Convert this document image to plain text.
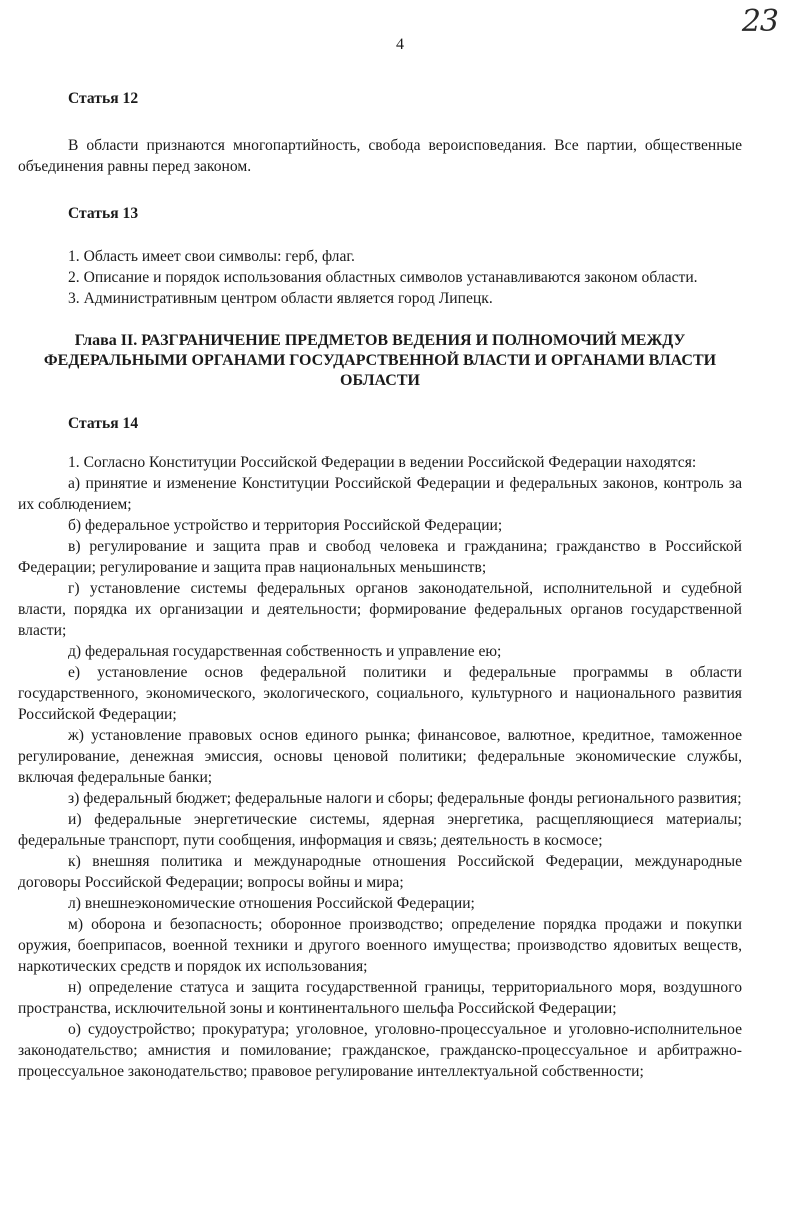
23
4

Статья 12

В области признаются многопартийность, свобода вероисповедания. Все партии, общественные объединения равны перед законом.

Статья 13

1. Область имеет свои символы: герб, флаг.

2. Описание и порядок использования областных символов устанавливаются законом области.

3. Административным центром области является город Липецк.

Глава II. РАЗГРАНИЧЕНИЕ ПРЕДМЕТОВ ВЕДЕНИЯ И ПОЛНОМОЧИЙ МЕЖДУ ФЕДЕРАЛЬНЫМИ ОРГАНАМИ ГОСУДАРСТВЕННОЙ ВЛАСТИ И ОРГАНАМИ ВЛАСТИ ОБЛАСТИ

Статья 14

1. Согласно Конституции Российской Федерации в ведении Российской Федерации находятся:

а) принятие и изменение Конституции Российской Федерации и федеральных законов, контроль за их соблюдением;

б) федеральное устройство и территория Российской Федерации;

в) регулирование и защита прав и свобод человека и гражданина; гражданство в Российской Федерации; регулирование и защита прав национальных меньшинств;

г) установление системы федеральных органов законодательной, исполнительной и судебной власти, порядка их организации и деятельности; формирование федеральных органов государственной власти;

д) федеральная государственная собственность и управление ею;

е) установление основ федеральной политики и федеральные программы в области государственного, экономического, экологического, социального, культурного и национального развития Российской Федерации;

ж) установление правовых основ единого рынка; финансовое, валютное, кредитное, таможенное регулирование, денежная эмиссия, основы ценовой политики; федеральные экономические службы, включая федеральные банки;

з) федеральный бюджет; федеральные налоги и сборы; федеральные фонды регионального развития;

и) федеральные энергетические системы, ядерная энергетика, расщепляющиеся материалы; федеральные транспорт, пути сообщения, информация и связь; деятельность в космосе;

к) внешняя политика и международные отношения Российской Федерации, международные договоры Российской Федерации; вопросы войны и мира;

л) внешнеэкономические отношения Российской Федерации;

м) оборона и безопасность; оборонное производство; определение порядка продажи и покупки оружия, боеприпасов, военной техники и другого военного имущества; производство ядовитых веществ, наркотических средств и порядок их использования;

н) определение статуса и защита государственной границы, территориального моря, воздушного пространства, исключительной зоны и континентального шельфа Российской Федерации;

о) судоустройство; прокуратура; уголовное, уголовно-процессуальное и уголовно-исполнительное законодательство; амнистия и помилование; гражданское, гражданско-процессуальное и арбитражно-процессуальное законодательство; правовое регулирование интеллектуальной собственности;
